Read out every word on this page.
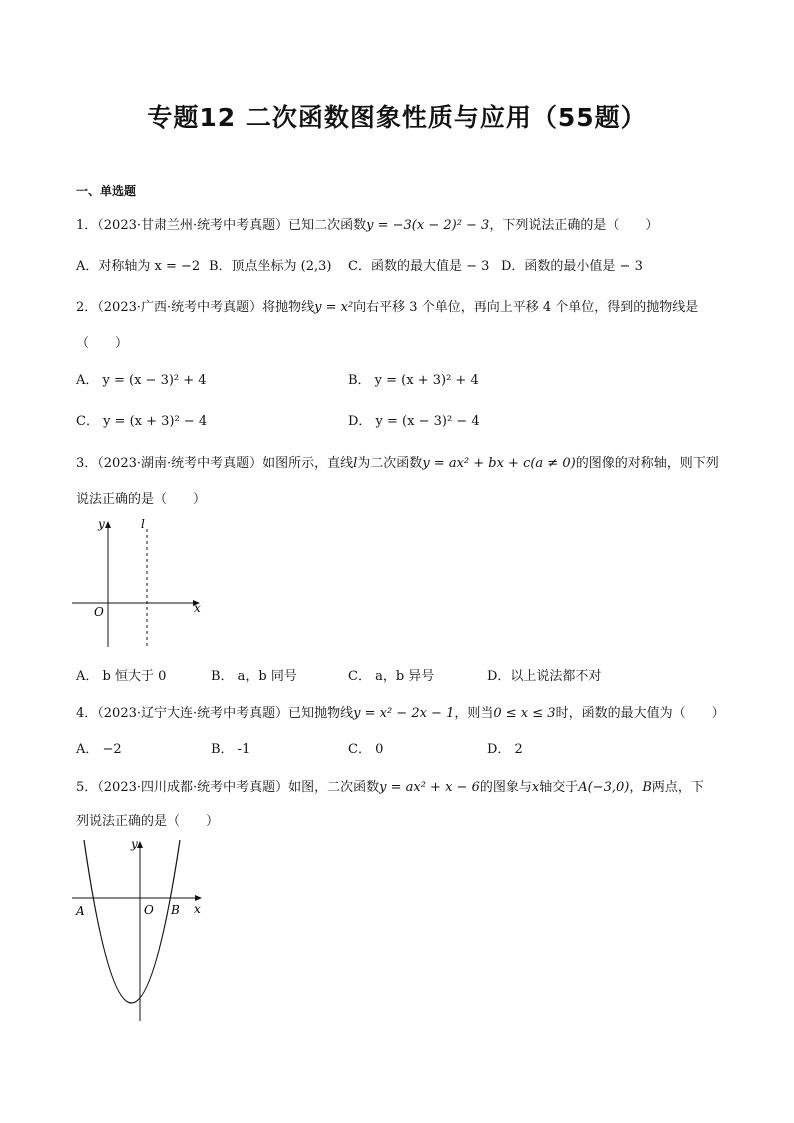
专题12 二次函数图象性质与应用（55题）
一、单选题
1．（2023·甘肃兰州·统考中考真题）已知二次函数y = −3(x − 2)² − 3，下列说法正确的是（　　）
A．对称轴为 x = −2 B．顶点坐标为 (2,3) C．函数的最大值是 − 3 D．函数的最小值是 − 3
2．（2023·广西·统考中考真题）将抛物线y = x²向右平移 3 个单位，再向上平移 4 个单位，得到的抛物线是
（　　）
A． y = (x − 3)² + 4	B． y = (x + 3)² + 4
C． y = (x + 3)² − 4	D． y = (x − 3)² − 4
3．（2023·湖南·统考中考真题）如图所示，直线l为二次函数y = ax² + bx + c(a ≠ 0)的图像的对称轴，则下列
说法正确的是（　　）
y	l
O	x
A． b 恒大于 0	B． a，b 同号	C． a，b 异号	D．以上说法都不对
4．（2023·辽宁大连·统考中考真题）已知抛物线y = x² − 2x − 1，则当0 ≤ x ≤ 3时，函数的最大值为（　　）
A． −2	B． -1	C． 0	D． 2
5．（2023·四川成都·统考中考真题）如图，二次函数y = ax² + x − 6的图象与x轴交于A(−3,0)，B两点，下
列说法正确的是（　　）
y
A	O B x
